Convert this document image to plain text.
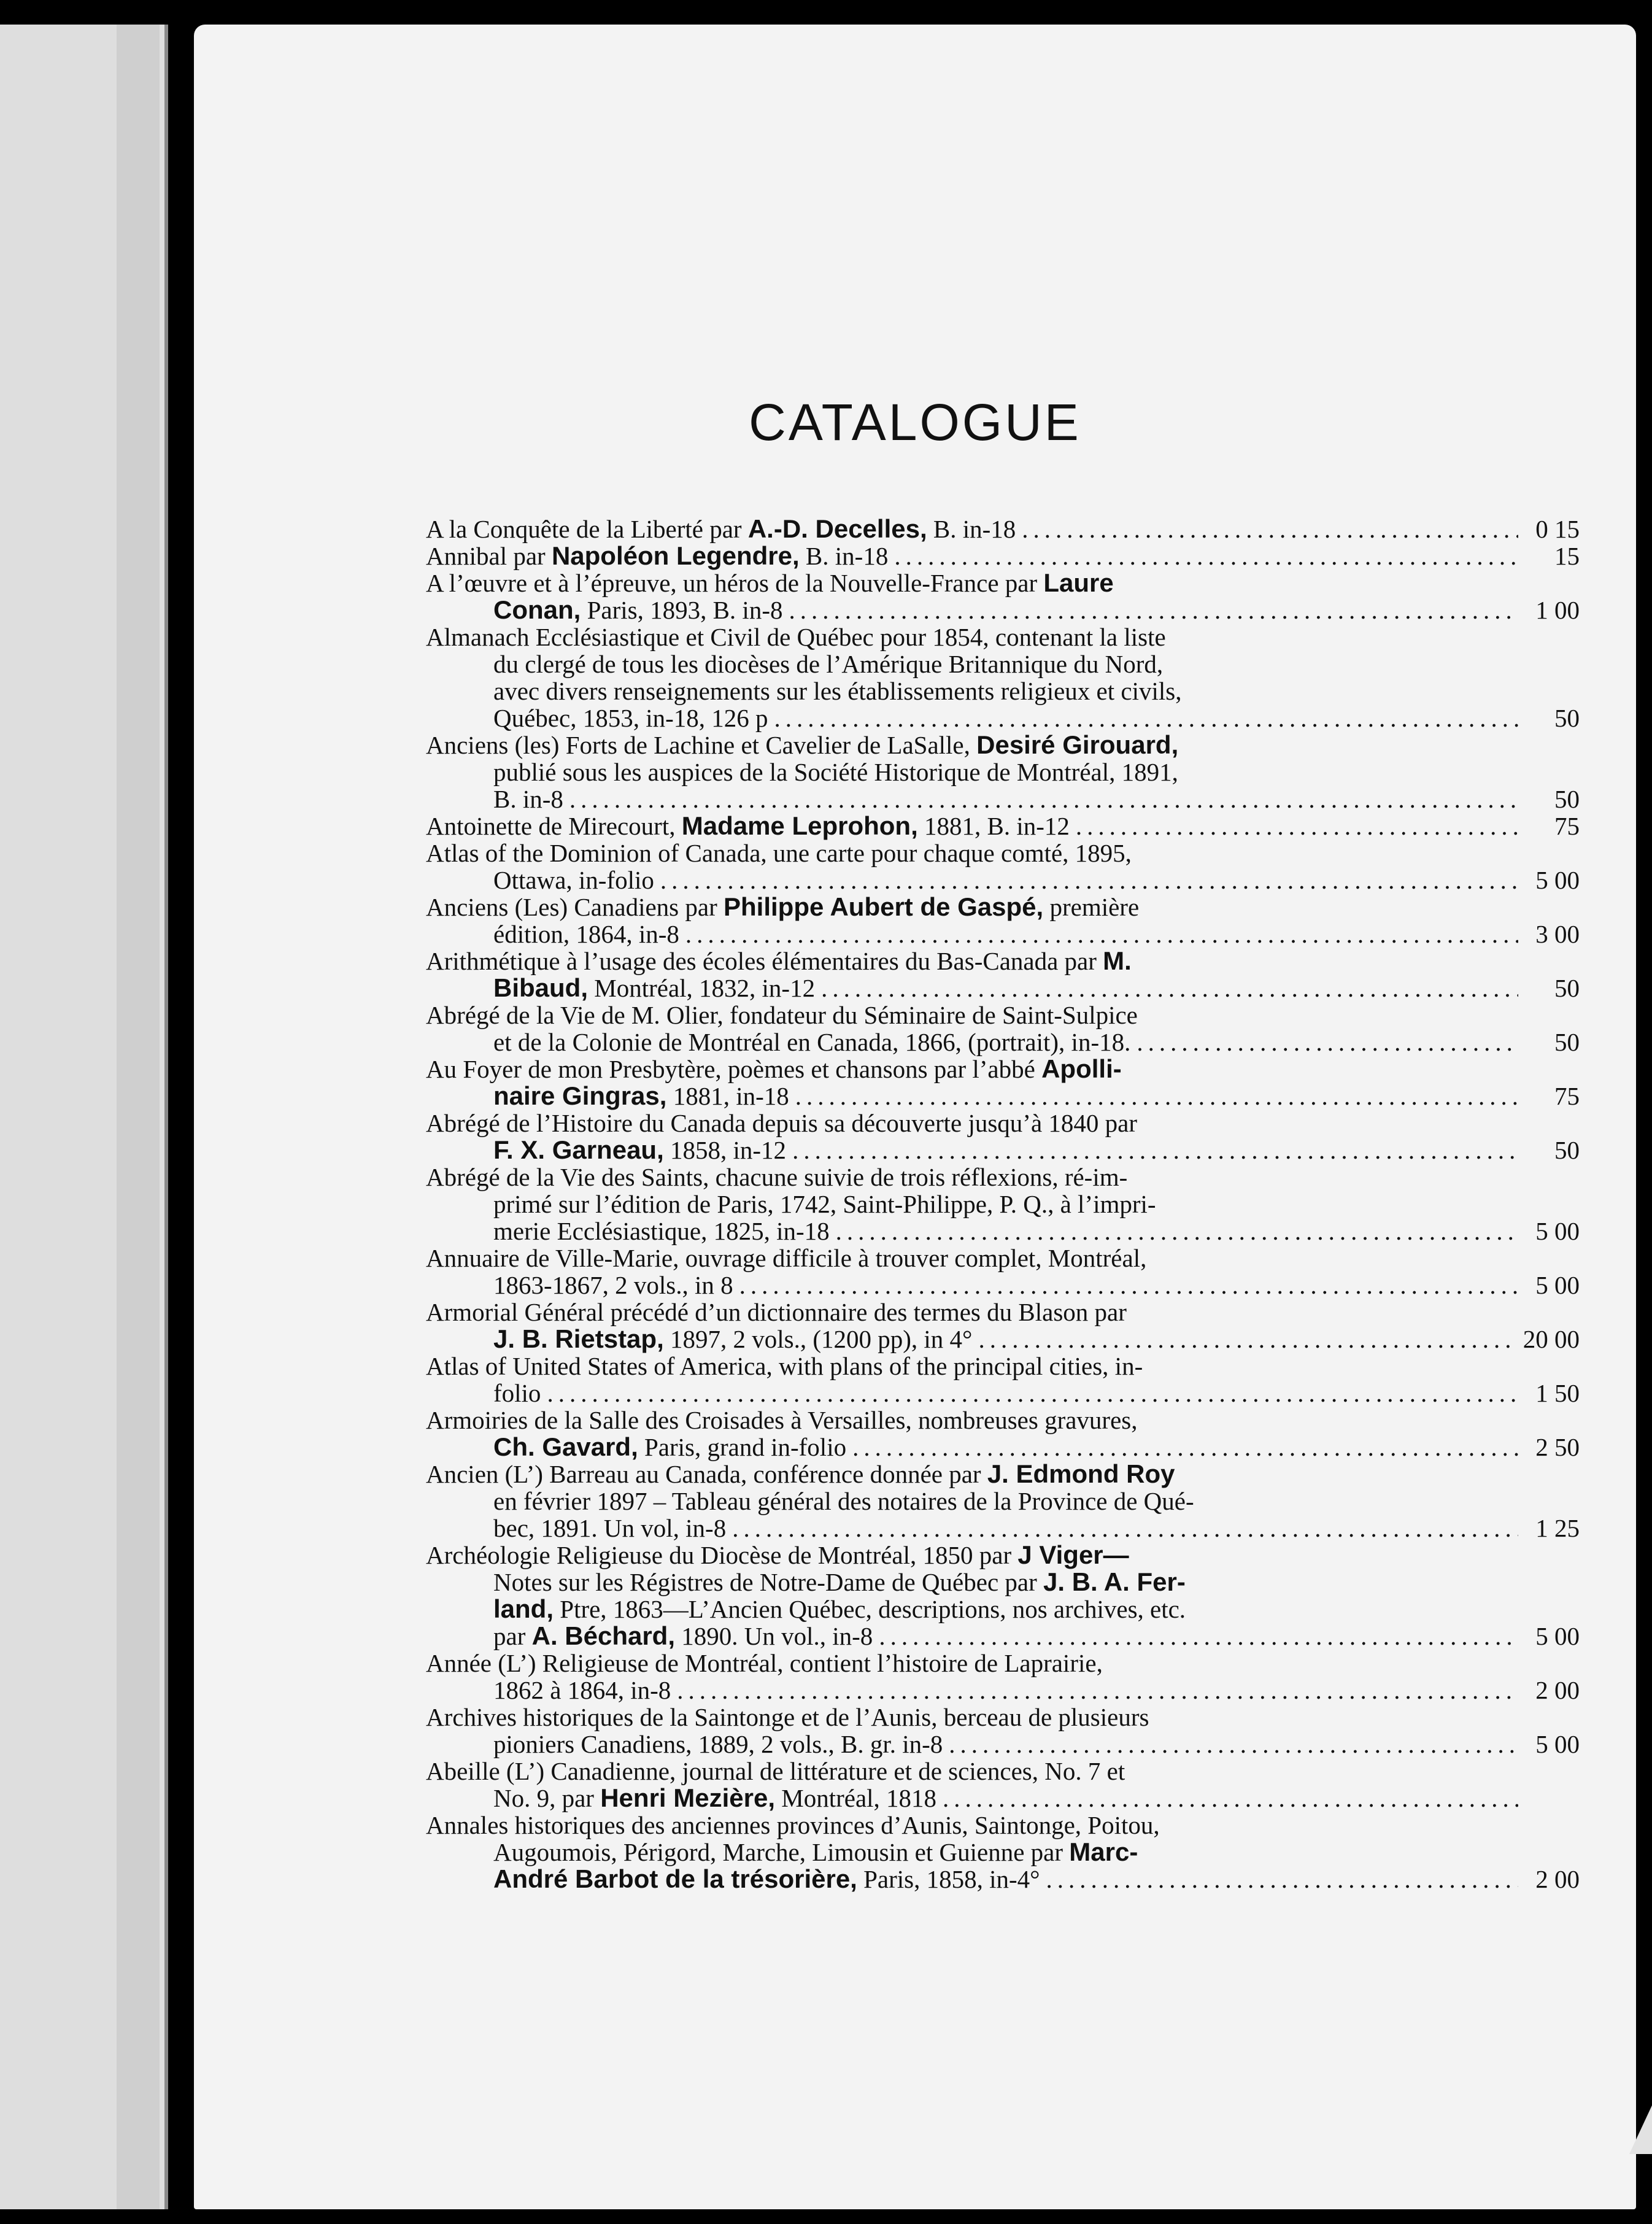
CATALOGUE
A la Conquête de la Liberté par A.-D. Decelles, B. in-18 .....	0 15
Annibal par Napoléon Legendre, B. in-18 .....	15
A l’œuvre et à l’épreuve, un héros de la Nouvelle-France par Laure
Conan, Paris, 1893, B. in-8 .....	1 00
Almanach Ecclésiastique et Civil de Québec pour 1854, contenant la liste
du clergé de tous les diocèses de l’Amérique Britannique du Nord,
avec divers renseignements sur les établissements religieux et civils,
Québec, 1853, in-18, 126 p .....	50
Anciens (les) Forts de Lachine et Cavelier de LaSalle, Desiré Girouard,
publié sous les auspices de la Société Historique de Montréal, 1891,
B. in-8 .....	50
Antoinette de Mirecourt, Madame Leprohon, 1881, B. in-12 .....	75
Atlas of the Dominion of Canada, une carte pour chaque comté, 1895,
Ottawa, in-folio .....	5 00
Anciens (Les) Canadiens par Philippe Aubert de Gaspé, première
édition, 1864, in-8 .....	3 00
Arithmétique à l’usage des écoles élémentaires du Bas-Canada par M.
Bibaud, Montréal, 1832, in-12 .....	50
Abrégé de la Vie de M. Olier, fondateur du Séminaire de Saint-Sulpice
et de la Colonie de Montréal en Canada, 1866, (portrait), in-18. .....	50
Au Foyer de mon Presbytère, poèmes et chansons par l’abbé Apolli-
naire Gingras, 1881, in-18 .....	75
Abrégé de l’Histoire du Canada depuis sa découverte jusqu’à 1840 par
F. X. Garneau, 1858, in-12 .....	50
Abrégé de la Vie des Saints, chacune suivie de trois réflexions, ré-im-
primé sur l’édition de Paris, 1742, Saint-Philippe, P. Q., à l’impri-
merie Ecclésiastique, 1825, in-18 .....	5 00
Annuaire de Ville-Marie, ouvrage difficile à trouver complet, Montréal,
1863-1867, 2 vols., in 8 .....	5 00
Armorial Général précédé d’un dictionnaire des termes du Blason par
J. B. Rietstap, 1897, 2 vols., (1200 pp), in 4° .....	20 00
Atlas of United States of America, with plans of the principal cities, in-
folio .....	1 50
Armoiries de la Salle des Croisades à Versailles, nombreuses gravures,
Ch. Gavard, Paris, grand in-folio .....	2 50
Ancien (L’) Barreau au Canada, conférence donnée par J. Edmond Roy
en février 1897 – Tableau général des notaires de la Province de Qué-
bec, 1891. Un vol, in-8 .....	1 25
Archéologie Religieuse du Diocèse de Montréal, 1850 par J Viger—
Notes sur les Régistres de Notre-Dame de Québec par J. B. A. Fer-
land, Ptre, 1863—L’Ancien Québec, descriptions, nos archives, etc.
par A. Béchard, 1890. Un vol., in-8 .....	5 00
Année (L’) Religieuse de Montréal, contient l’histoire de Laprairie,
1862 à 1864, in-8 .....	2 00
Archives historiques de la Saintonge et de l’Aunis, berceau de plusieurs
pioniers Canadiens, 1889, 2 vols., B. gr. in-8 .....	5 00
Abeille (L’) Canadienne, journal de littérature et de sciences, No. 7 et
No. 9, par Henri Mezière, Montréal, 1818
.....
Annales historiques des anciennes provinces d’Aunis, Saintonge, Poitou,
Augoumois, Périgord, Marche, Limousin et Guienne par Marc-
André Barbot de la trésorière, Paris, 1858, in-4° .....	2 00
